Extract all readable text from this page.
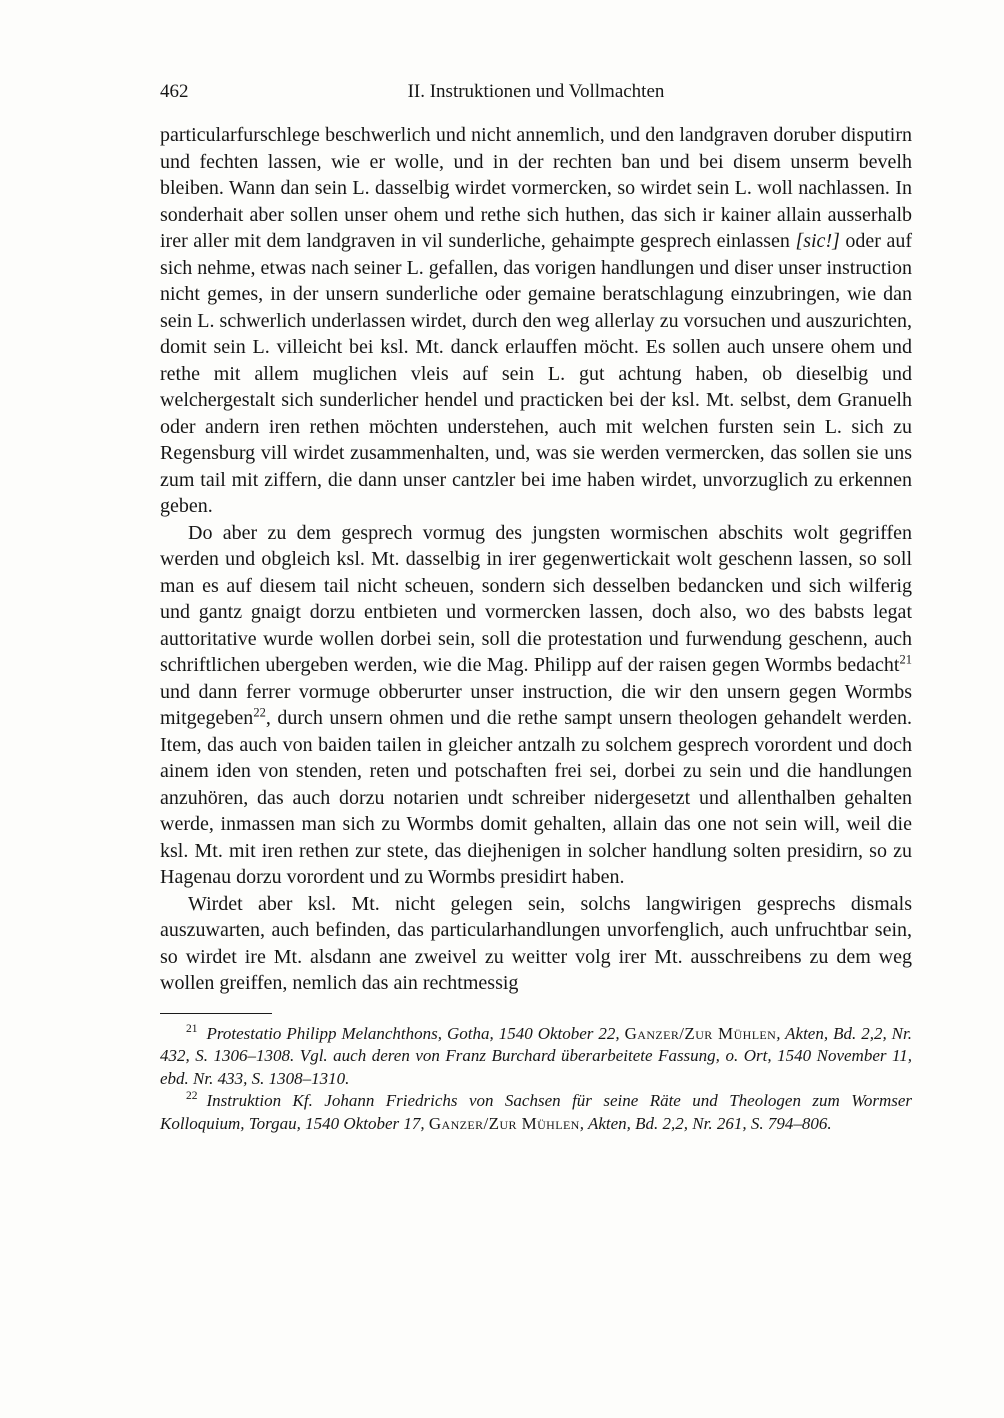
462	II. Instruktionen und Vollmachten

particularfurschlege beschwerlich und nicht annemlich, und den landgraven doruber disputirn und fechten lassen, wie er wolle, und in der rechten ban und bei disem unserm bevelh bleiben. Wann dan sein L. dasselbig wirdet vormercken, so wirdet sein L. woll nachlassen. In sonderhait aber sollen unser ohem und rethe sich huthen, das sich ir kainer allain ausserhalb irer aller mit dem landgraven in vil sunderliche, gehaimpte gesprech einlassen [sic!] oder auf sich nehme, etwas nach seiner L. gefallen, das vorigen handlungen und diser unser instruction nicht gemes, in der unsern sunderliche oder gemaine beratschlagung einzubringen, wie dan sein L. schwerlich underlassen wirdet, durch den weg allerlay zu vorsuchen und auszurichten, domit sein L. villeicht bei ksl. Mt. danck erlauffen möcht. Es sollen auch unsere ohem und rethe mit allem muglichen vleis auf sein L. gut achtung haben, ob dieselbig und welchergestalt sich sunderlicher hendel und practicken bei der ksl. Mt. selbst, dem Granuelh oder andern iren rethen möchten understehen, auch mit welchen fursten sein L. sich zu Regensburg vill wirdet zusammenhalten, und, was sie werden vermercken, das sollen sie uns zum tail mit ziffern, die dann unser cantzler bei ime haben wirdet, unvorzuglich zu erkennen geben.

Do aber zu dem gesprech vormug des jungsten wormischen abschits wolt gegriffen werden und obgleich ksl. Mt. dasselbig in irer gegenwertickait wolt geschenn lassen, so soll man es auf diesem tail nicht scheuen, sondern sich desselben bedancken und sich wilferig und gantz gnaigt dorzu entbieten und vormercken lassen, doch also, wo des babsts legat auttoritative wurde wollen dorbei sein, soll die protestation und furwendung geschenn, auch schriftlichen ubergeben werden, wie die Mag. Philipp auf der raisen gegen Wormbs bedacht$^{21}$ und dann ferrer vormuge obberurter unser instruction, die wir den unsern gegen Wormbs mitgegeben$^{22}$, durch unsern ohmen und die rethe sampt unsern theologen gehandelt werden. Item, das auch von baiden tailen in gleicher antzalh zu solchem gesprech vorordent und doch ainem iden von stenden, reten und potschaften frei sei, dorbei zu sein und die handlungen anzuhören, das auch dorzu notarien undt schreiber nidergesetzt und allenthalben gehalten werde, inmassen man sich zu Wormbs domit gehalten, allain das one not sein will, weil die ksl. Mt. mit iren rethen zur stete, das diejhenigen in solcher handlung solten presidirn, so zu Hagenau dorzu vorordent und zu Wormbs presidirt haben.

Wirdet aber ksl. Mt. nicht gelegen sein, solchs langwirigen gesprechs dismals auszuwarten, auch befinden, das particularhandlungen unvorfenglich, auch unfruchtbar sein, so wirdet ire Mt. alsdann ane zweivel zu weitter volg irer Mt. ausschreibens zu dem weg wollen greiffen, nemlich das ain rechtmessig

$^{21}$ Protestatio Philipp Melanchthons, Gotha, 1540 Oktober 22, Ganzer/Zur Mühlen, Akten, Bd. 2,2, Nr. 432, S. 1306–1308. Vgl. auch deren von Franz Burchard überarbeitete Fassung, o. Ort, 1540 November 11, ebd. Nr. 433, S. 1308–1310.

$^{22}$ Instruktion Kf. Johann Friedrichs von Sachsen für seine Räte und Theologen zum Wormser Kolloquium, Torgau, 1540 Oktober 17, Ganzer/Zur Mühlen, Akten, Bd. 2,2, Nr. 261, S. 794–806.
